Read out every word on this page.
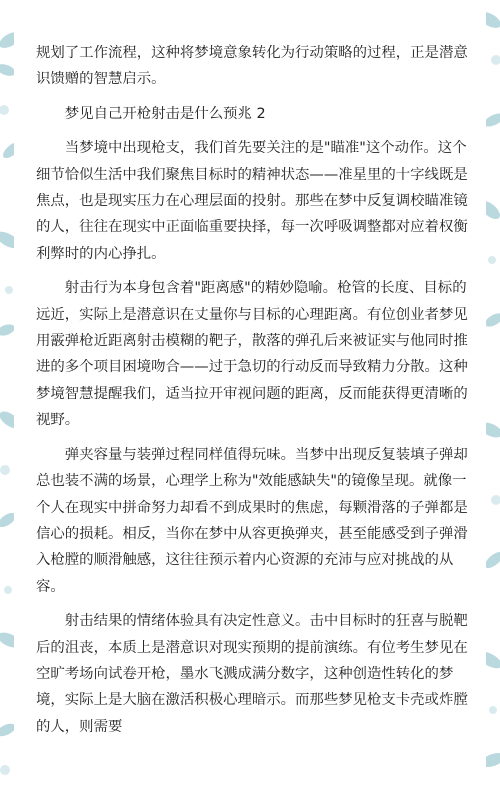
规划了工作流程，这种将梦境意象转化为行动策略的过程，正是潜意识馈赠的智慧启示。

梦见自己开枪射击是什么预兆 2

当梦境中出现枪支，我们首先要关注的是"瞄准"这个动作。这个细节恰似生活中我们聚焦目标时的精神状态——准星里的十字线既是焦点，也是现实压力在心理层面的投射。那些在梦中反复调校瞄准镜的人，往往在现实中正面临重要抉择，每一次呼吸调整都对应着权衡利弊时的内心挣扎。

射击行为本身包含着"距离感"的精妙隐喻。枪管的长度、目标的远近，实际上是潜意识在丈量你与目标的心理距离。有位创业者梦见用霰弹枪近距离射击模糊的靶子，散落的弹孔后来被证实与他同时推进的多个项目困境吻合——过于急切的行动反而导致精力分散。这种梦境智慧提醒我们，适当拉开审视问题的距离，反而能获得更清晰的视野。

弹夹容量与装弹过程同样值得玩味。当梦中出现反复装填子弹却总也装不满的场景，心理学上称为"效能感缺失"的镜像呈现。就像一个人在现实中拼命努力却看不到成果时的焦虑，每颗滑落的子弹都是信心的损耗。相反，当你在梦中从容更换弹夹，甚至能感受到子弹滑入枪膛的顺滑触感，这往往预示着内心资源的充沛与应对挑战的从容。

射击结果的情绪体验具有决定性意义。击中目标时的狂喜与脱靶后的沮丧，本质上是潜意识对现实预期的提前演练。有位考生梦见在空旷考场向试卷开枪，墨水飞溅成满分数字，这种创造性转化的梦境，实际上是大脑在激活积极心理暗示。而那些梦见枪支卡壳或炸膛的人，则需要
